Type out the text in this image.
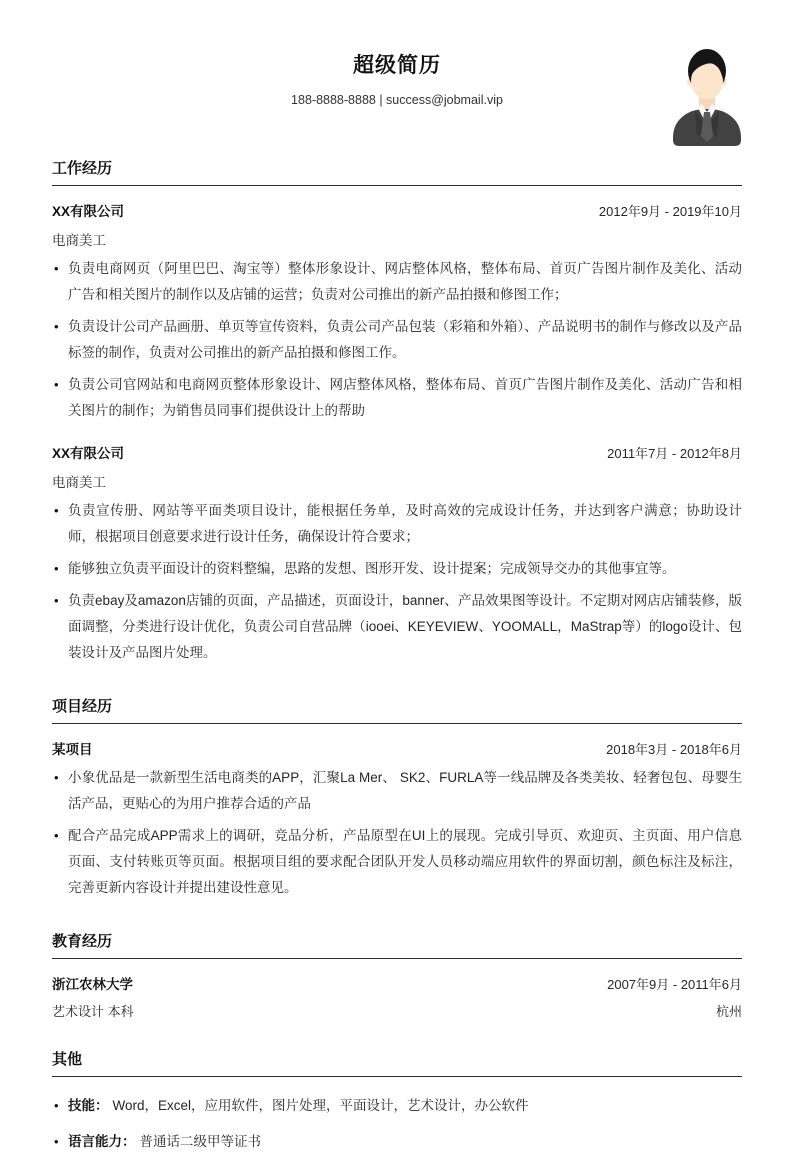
超级简历
188-8888-8888 | success@jobmail.vip
工作经历
XX有限公司	2012年9月 - 2019年10月
电商美工
• 负责电商网页（阿里巴巴、淘宝等）整体形象设计、网店整体风格，整体布局、首页广告图片制作及美化、活动广告和相关图片的制作以及店铺的运营；负责对公司推出的新产品拍摄和修图工作；
• 负责设计公司产品画册、单页等宣传资料，负责公司产品包装（彩箱和外箱）、产品说明书的制作与修改以及产品标签的制作，负责对公司推出的新产品拍摄和修图工作。
• 负责公司官网站和电商网页整体形象设计、网店整体风格，整体布局、首页广告图片制作及美化、活动广告和相关图片的制作；为销售员同事们提供设计上的帮助
XX有限公司	2011年7月 - 2012年8月
电商美工
• 负责宣传册、网站等平面类项目设计，能根据任务单，及时高效的完成设计任务，并达到客户满意；协助设计师，根据项目创意要求进行设计任务，确保设计符合要求；
• 能够独立负责平面设计的资料整编，思路的发想、图形开发、设计提案；完成领导交办的其他事宜等。
• 负责ebay及amazon店铺的页面，产品描述，页面设计，banner、产品效果图等设计。不定期对网店店铺装修，版面调整，分类进行设计优化，负责公司自营品牌（iooei、KEYEVIEW、YOOMALL，MaStrap等）的logo设计、包装设计及产品图片处理。
项目经历
某项目	2018年3月 - 2018年6月
• 小象优品是一款新型生活电商类的APP，汇聚La Mer、 SK2、FURLA等一线品牌及各类美妆、轻奢包包、母婴生活产品，更贴心的为用户推荐合适的产品
• 配合产品完成APP需求上的调研，竞品分析，产品原型在UI上的展现。完成引导页、欢迎页、主页面、用户信息页面、支付转账页等页面。根据项目组的要求配合团队开发人员移动端应用软件的界面切割，颜色标注及标注，完善更新内容设计并提出建设性意见。
教育经历
浙江农林大学	2007年9月 - 2011年6月
艺术设计 本科	杭州
其他
• 技能： Word，Excel，应用软件，图片处理，平面设计，艺术设计，办公软件
• 语言能力： 普通话二级甲等证书
